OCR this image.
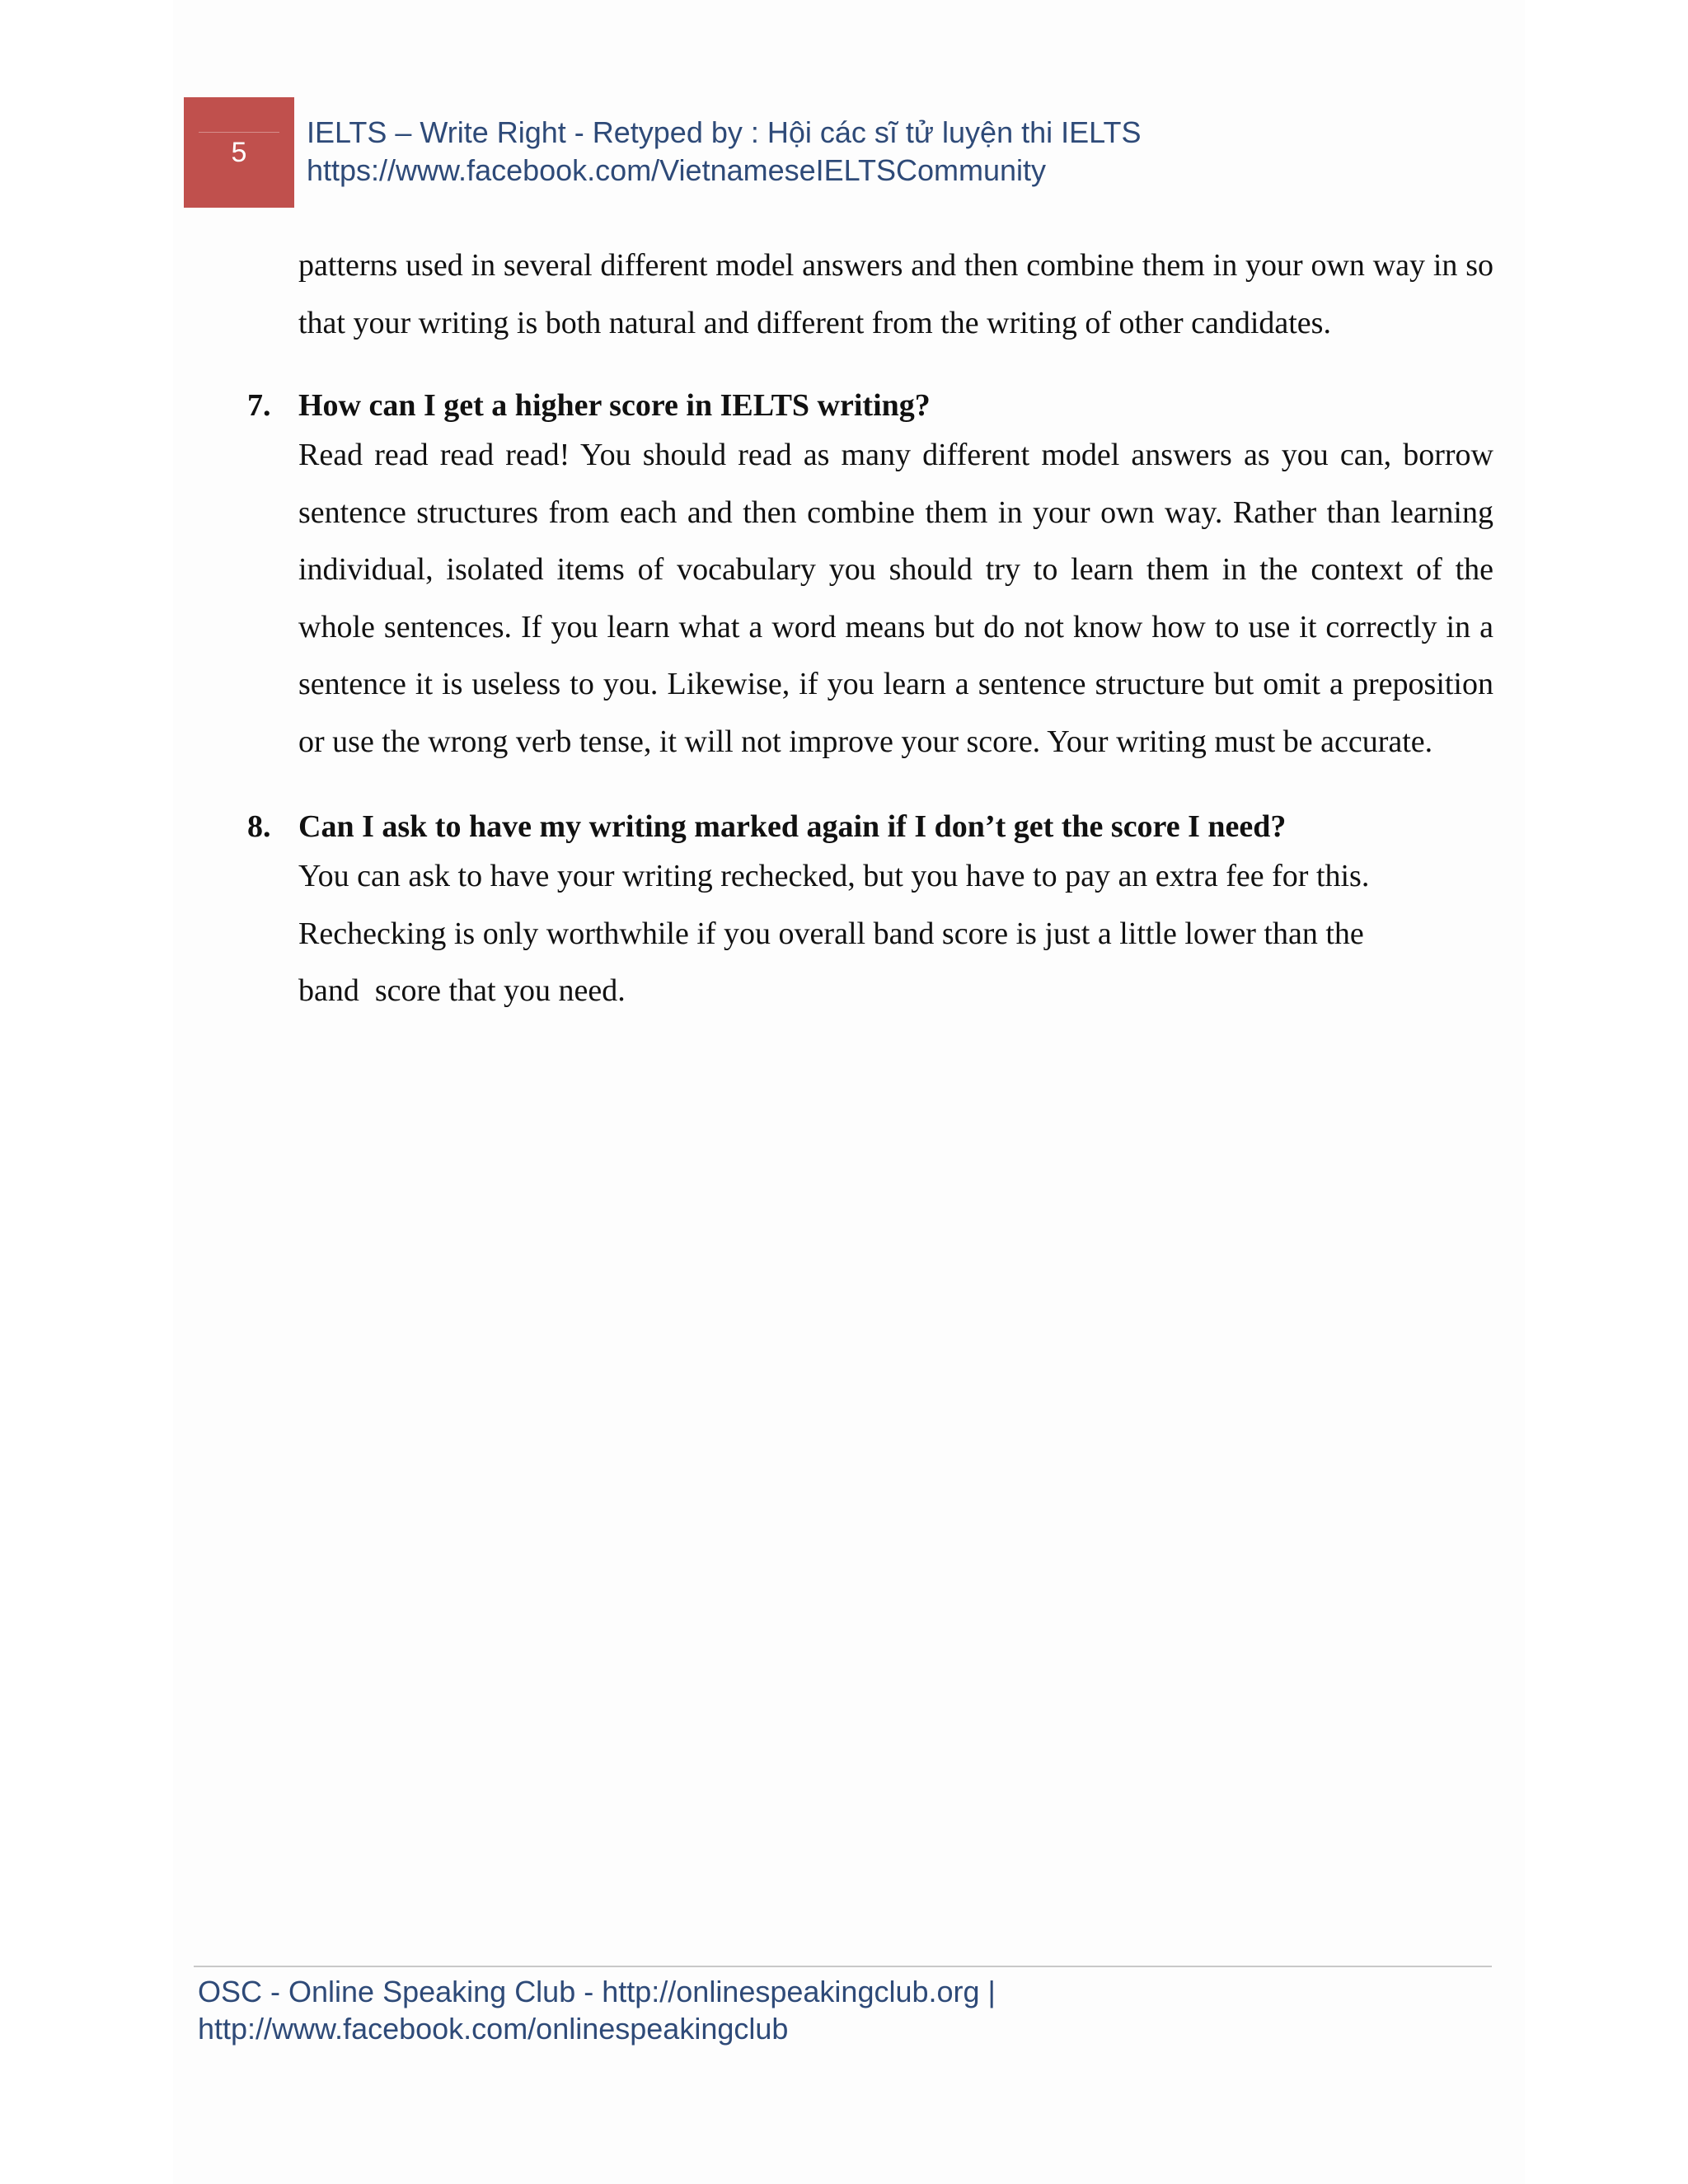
5
IELTS – Write Right - Retyped by : Hội các sĩ tử luyện thi IELTS
https://www.facebook.com/VietnameseIELTSCommunity

patterns used in several different model answers and then combine them in your own way in so that your writing is both natural and different from the writing of other candidates.

7. How can I get a higher score in IELTS writing?

Read read read read! You should read as many different model answers as you can, borrow sentence structures from each and then combine them in your own way. Rather than learning individual, isolated items of vocabulary you should try to learn them in the context of the whole sentences. If you learn what a word means but do not know how to use it correctly in a sentence it is useless to you. Likewise, if you learn a sentence structure but omit a preposition or use the wrong verb tense, it will not improve your score. Your writing must be accurate.

8. Can I ask to have my writing marked again if I don’t get the score I need?
You can ask to have your writing rechecked, but you have to pay an extra fee for this.
Rechecking is only worthwhile if you overall band score is just a little lower than the
band  score that you need.
OSC - Online Speaking Club - http://onlinespeakingclub.org |
http://www.facebook.com/onlinespeakingclub
